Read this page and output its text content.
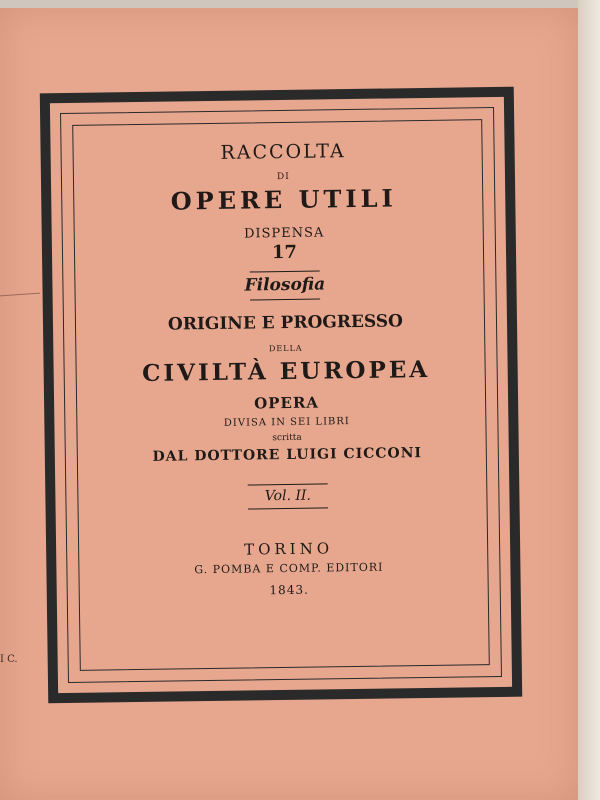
I C.
RACCOLTA
DI
OPERE UTILI
DISPENSA
17
Filosofia
ORIGINE E PROGRESSO
DELLA
CIVILTÀ EUROPEA
OPERA
DIVISA IN SEI LIBRI
scritta
DAL DOTTORE LUIGI CICCONI
Vol. II.
TORINO
G. POMBA E COMP. EDITORI
1843.
